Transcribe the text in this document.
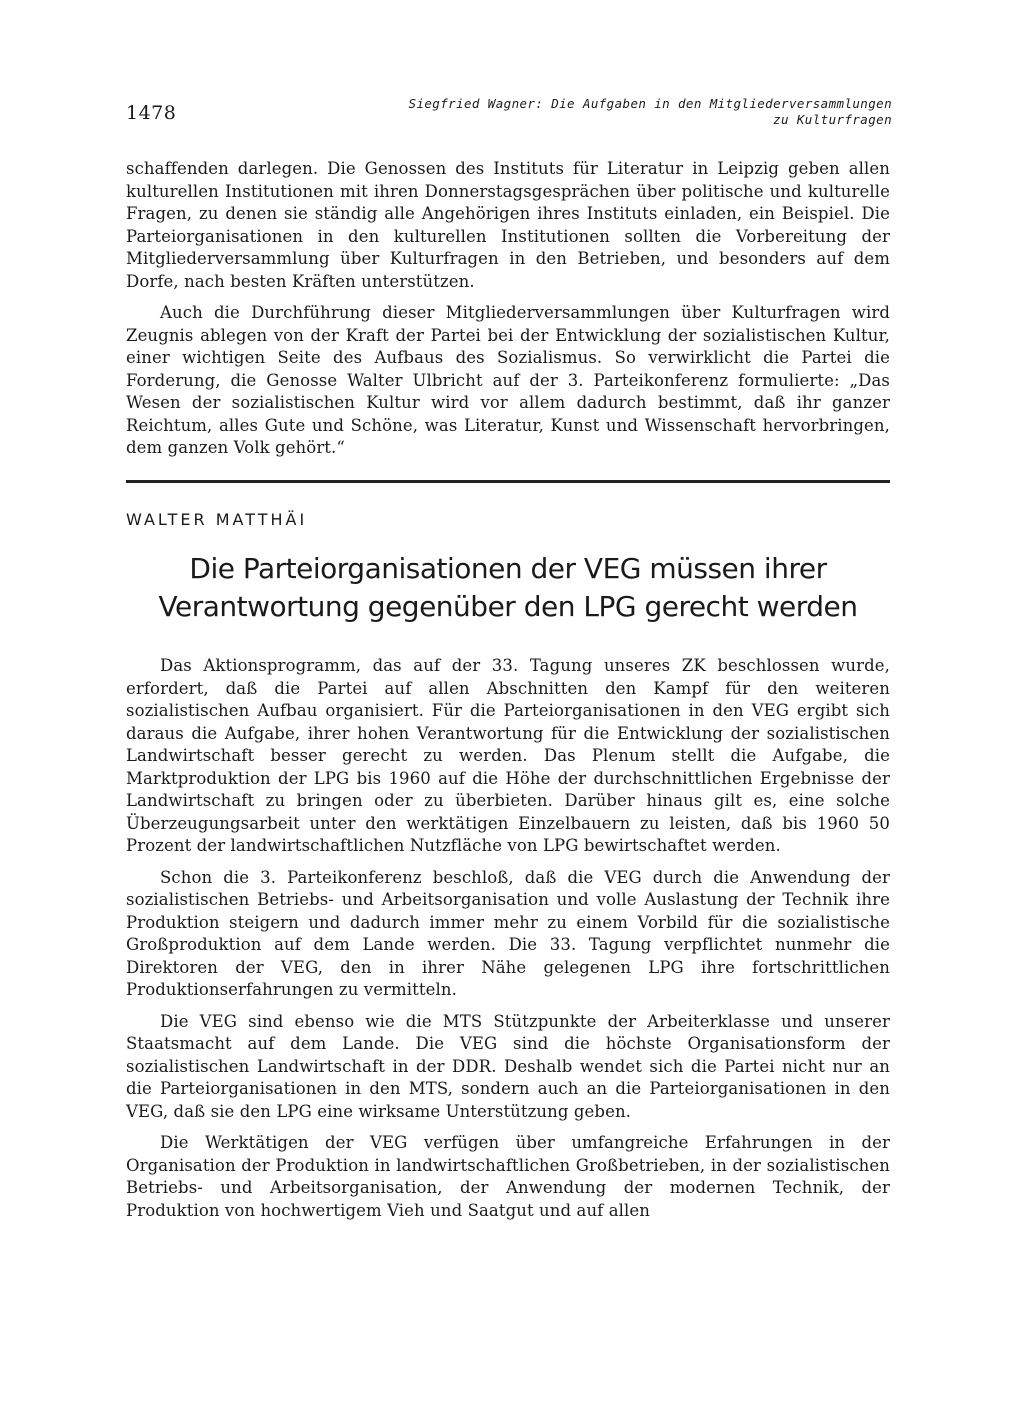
1478	Siegfried Wagner: Die Aufgaben in den Mitgliederversammlungen
zu Kulturfragen

schaffenden darlegen. Die Genossen des Instituts für Literatur in Leipzig geben allen kulturellen Institutionen mit ihren Donnerstagsgesprächen über politische und kulturelle Fragen, zu denen sie ständig alle Angehörigen ihres Instituts einladen, ein Beispiel. Die Parteiorganisationen in den kulturellen Institutionen sollten die Vorbereitung der Mitgliederversammlung über Kulturfragen in den Betrieben, und besonders auf dem Dorfe, nach besten Kräften unterstützen.

Auch die Durchführung dieser Mitgliederversammlungen über Kulturfragen wird Zeugnis ablegen von der Kraft der Partei bei der Entwicklung der sozialistischen Kultur, einer wichtigen Seite des Aufbaus des Sozialismus. So verwirklicht die Partei die Forderung, die Genosse Walter Ulbricht auf der 3. Parteikonferenz formulierte: „Das Wesen der sozialistischen Kultur wird vor allem dadurch bestimmt, daß ihr ganzer Reichtum, alles Gute und Schöne, was Literatur, Kunst und Wissenschaft hervorbringen, dem ganzen Volk gehört.“

WALTER MATTHÄI
Die Parteiorganisationen der VEG müssen ihrer
Verantwortung gegenüber den LPG gerecht werden

Das Aktionsprogramm, das auf der 33. Tagung unseres ZK beschlossen wurde, erfordert, daß die Partei auf allen Abschnitten den Kampf für den weiteren sozialistischen Aufbau organisiert. Für die Parteiorganisationen in den VEG ergibt sich daraus die Aufgabe, ihrer hohen Verantwortung für die Entwicklung der sozialistischen Landwirtschaft besser gerecht zu werden. Das Plenum stellt die Aufgabe, die Marktproduktion der LPG bis 1960 auf die Höhe der durchschnittlichen Ergebnisse der Landwirtschaft zu bringen oder zu überbieten. Darüber hinaus gilt es, eine solche Überzeugungsarbeit unter den werktätigen Einzelbauern zu leisten, daß bis 1960 50 Prozent der landwirtschaftlichen Nutzfläche von LPG bewirtschaftet werden.

Schon die 3. Parteikonferenz beschloß, daß die VEG durch die Anwendung der sozialistischen Betriebs- und Arbeitsorganisation und volle Auslastung der Technik ihre Produktion steigern und dadurch immer mehr zu einem Vorbild für die sozialistische Großproduktion auf dem Lande werden. Die 33. Tagung verpflichtet nunmehr die Direktoren der VEG, den in ihrer Nähe gelegenen LPG ihre fortschrittlichen Produktionserfahrungen zu vermitteln.

Die VEG sind ebenso wie die MTS Stützpunkte der Arbeiterklasse und unserer Staatsmacht auf dem Lande. Die VEG sind die höchste Organisationsform der sozialistischen Landwirtschaft in der DDR. Deshalb wendet sich die Partei nicht nur an die Parteiorganisationen in den MTS, sondern auch an die Parteiorganisationen in den VEG, daß sie den LPG eine wirksame Unterstützung geben.

Die Werktätigen der VEG verfügen über umfangreiche Erfahrungen in der Organisation der Produktion in landwirtschaftlichen Großbetrieben, in der sozialistischen Betriebs- und Arbeitsorganisation, der Anwendung der modernen Technik, der Produktion von hochwertigem Vieh und Saatgut und auf allen
